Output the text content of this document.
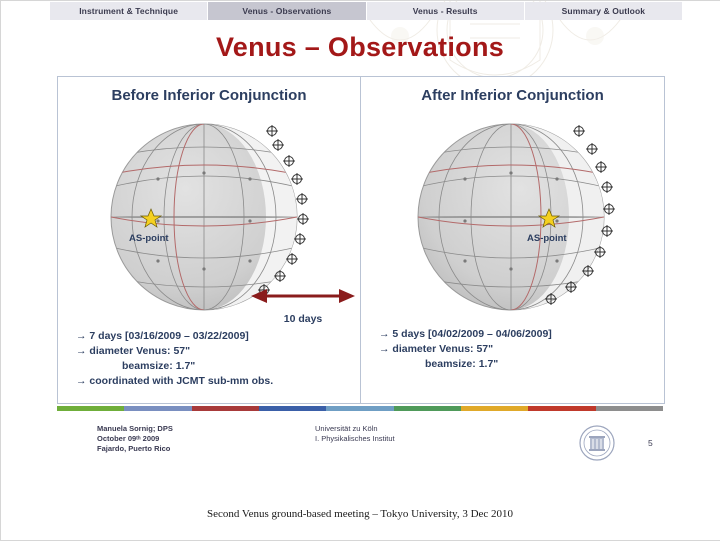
Instrument & Technique	Venus - Observations	Venus - Results	Summary & Outlook
Venus – Observations
Before Inferior Conjunction
AS-point
→ 7 days [03/16/2009 – 03/22/2009]
→ diameter Venus: 57"
beamsize: 1.7"
→ coordinated with JCMT sub-mm obs.
After Inferior Conjunction
AS-point
→ 5 days [04/02/2009 – 04/06/2009]
→ diameter Venus: 57"
beamsize: 1.7"
10 days
Manuela Sornig; DPS
October 09ᵗʰ 2009
Fajardo, Puerto Rico
Universität zu Köln
I. Physikalisches Institut	5
Second Venus ground-based meeting – Tokyo University, 3 Dec 2010
